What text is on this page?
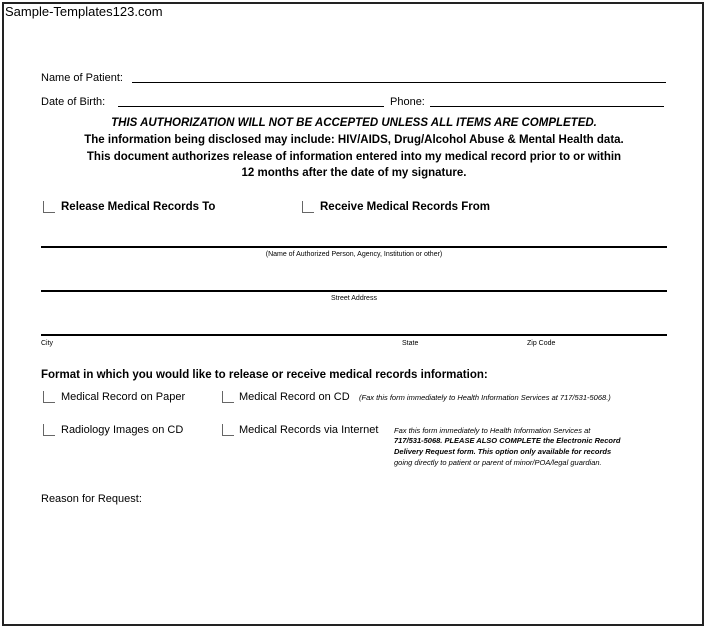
Sample-Templates123.com
Name of Patient:
Date of Birth:	Phone:
THIS AUTHORIZATION WILL NOT BE ACCEPTED UNLESS ALL ITEMS ARE COMPLETED.
The information being disclosed may include: HIV/AIDS, Drug/Alcohol Abuse & Mental Health data.
This document authorizes release of information entered into my medical record prior to or within
12 months after the date of my signature.
Release Medical Records To	Receive Medical Records From
(Name of Authorized Person, Agency, Institution or other)
Street Address
City	State	Zip Code
Format in which you would like to release or receive medical records information:
Medical Record on Paper	Medical Record on CD (Fax this form immediately to Health Information Services at 717/531-5068.)
Radiology Images on CD	Medical Records via Internet Fax this form immediately to Health Information Services at
717/531-5068. PLEASE ALSO COMPLETE the Electronic Record
Delivery Request form. This option only available for records
going directly to patient or parent of minor/POA/legal guardian.
Reason for Request:
